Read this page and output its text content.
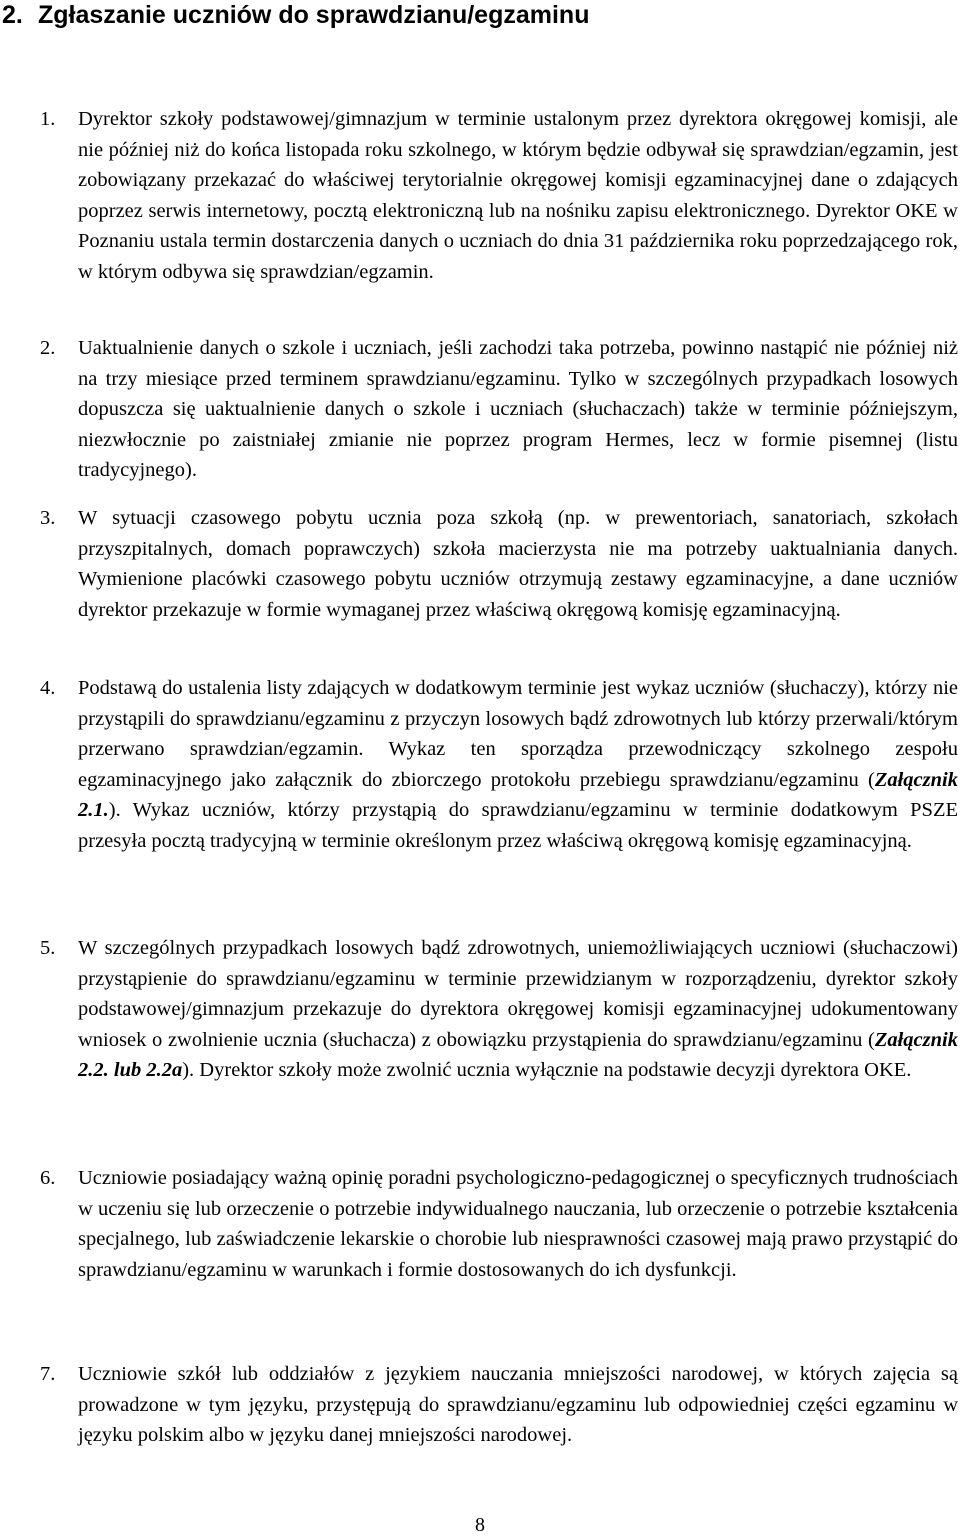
2. Zgłaszanie uczniów do sprawdzianu/egzaminu
1.	Dyrektor szkoły podstawowej/gimnazjum w terminie ustalonym przez dyrektora okręgowej komisji, ale nie później niż do końca listopada roku szkolnego, w którym będzie odbywał się sprawdzian/egzamin, jest zobowiązany przekazać do właściwej terytorialnie okręgowej komisji egzaminacyjnej dane o zdających poprzez serwis internetowy, pocztą elektroniczną lub na nośniku zapisu elektronicznego. Dyrektor OKE w Poznaniu ustala termin dostarczenia danych o uczniach do dnia 31 października roku poprzedzającego rok, w którym odbywa się sprawdzian/egzamin.
2.	Uaktualnienie danych o szkole i uczniach, jeśli zachodzi taka potrzeba, powinno nastąpić nie później niż na trzy miesiące przed terminem sprawdzianu/egzaminu. Tylko w szczególnych przypadkach losowych dopuszcza się uaktualnienie danych o szkole i uczniach (słuchaczach) także w terminie późniejszym, niezwłocznie po zaistniałej zmianie nie poprzez program Hermes, lecz w formie pisemnej (listu tradycyjnego).
3.	W sytuacji czasowego pobytu ucznia poza szkołą (np. w prewentoriach, sanatoriach, szkołach przyszpitalnych, domach poprawczych) szkoła macierzysta nie ma potrzeby uaktualniania danych. Wymienione placówki czasowego pobytu uczniów otrzymują zestawy egzaminacyjne, a dane uczniów dyrektor przekazuje w formie wymaganej przez właściwą okręgową komisję egzaminacyjną.
4.	Podstawą do ustalenia listy zdających w dodatkowym terminie jest wykaz uczniów (słuchaczy), którzy nie przystąpili do sprawdzianu/egzaminu z przyczyn losowych bądź zdrowotnych lub którzy przerwali/którym przerwano sprawdzian/egzamin. Wykaz ten sporządza przewodniczący szkolnego zespołu egzaminacyjnego jako załącznik do zbiorczego protokołu przebiegu sprawdzianu/egzaminu (Załącznik 2.1.). Wykaz uczniów, którzy przystąpią do sprawdzianu/egzaminu w terminie dodatkowym PSZE przesyła pocztą tradycyjną w terminie określonym przez właściwą okręgową komisję egzaminacyjną.
5.	W szczególnych przypadkach losowych bądź zdrowotnych, uniemożliwiających uczniowi (słuchaczowi) przystąpienie do sprawdzianu/egzaminu w terminie przewidzianym w rozporządzeniu, dyrektor szkoły podstawowej/gimnazjum przekazuje do dyrektora okręgowej komisji egzaminacyjnej udokumentowany wniosek o zwolnienie ucznia (słuchacza) z obowiązku przystąpienia do sprawdzianu/egzaminu (Załącznik 2.2. lub 2.2a). Dyrektor szkoły może zwolnić ucznia wyłącznie na podstawie decyzji dyrektora OKE.
6.	Uczniowie posiadający ważną opinię poradni psychologiczno-pedagogicznej o specyficznych trudnościach w uczeniu się lub orzeczenie o potrzebie indywidualnego nauczania, lub orzeczenie o potrzebie kształcenia specjalnego, lub zaświadczenie lekarskie o chorobie lub niesprawności czasowej mają prawo przystąpić do sprawdzianu/egzaminu w warunkach i formie dostosowanych do ich dysfunkcji.
7.	Uczniowie szkół lub oddziałów z językiem nauczania mniejszości narodowej, w których zajęcia są prowadzone w tym języku, przystępują do sprawdzianu/egzaminu lub odpowiedniej części egzaminu w języku polskim albo w języku danej mniejszości narodowej.
8
